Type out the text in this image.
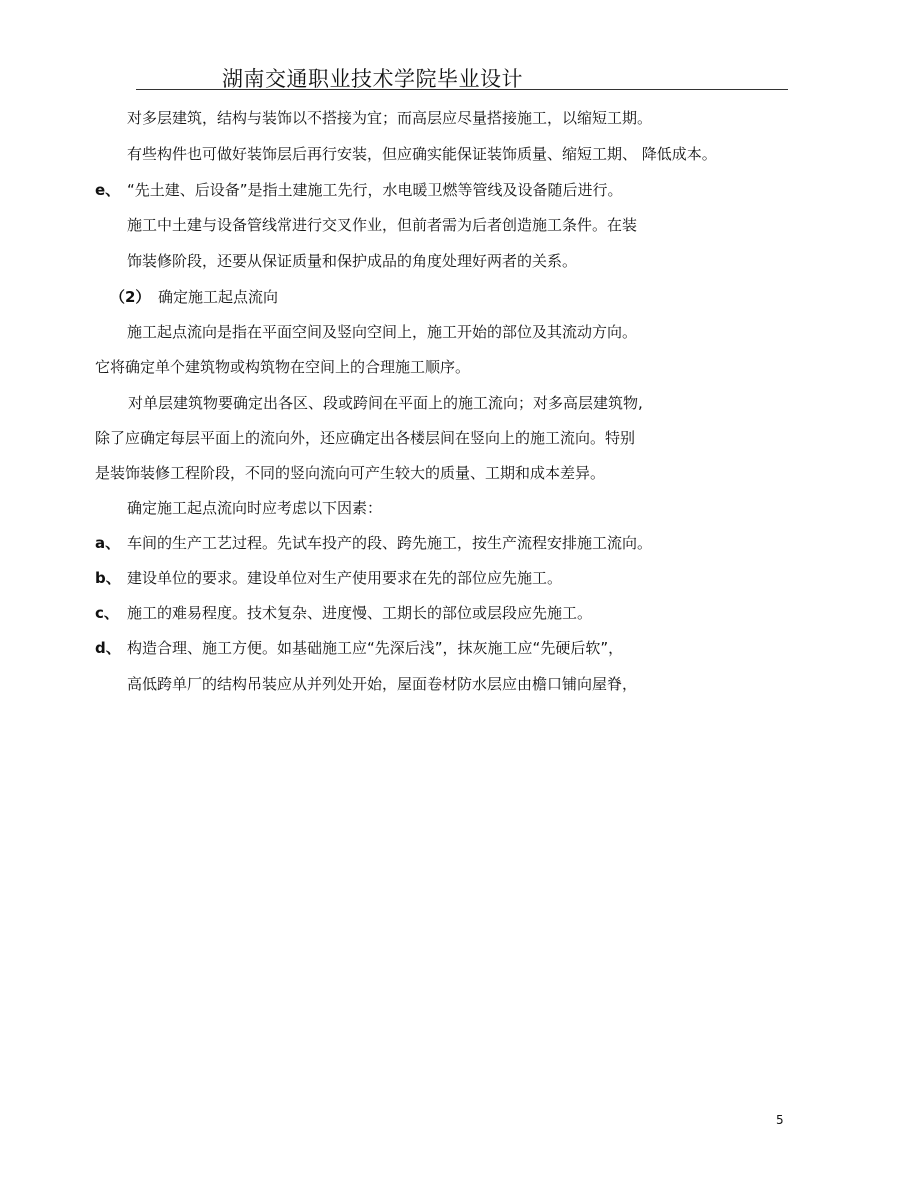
湖南交通职业技术学院毕业设计
对多层建筑，结构与装饰以不搭接为宜；而高层应尽量搭接施工，以缩短工期。
有些构件也可做好装饰层后再行安装，但应确实能保证装饰质量、缩短工期、 降低成本。
e、 “先土建、后设备”是指土建施工先行，水电暖卫燃等管线及设备随后进行。
施工中土建与设备管线常进行交叉作业，但前者需为后者创造施工条件。在装
饰装修阶段，还要从保证质量和保护成品的角度处理好两者的关系。
（2） 确定施工起点流向
施工起点流向是指在平面空间及竖向空间上，施工开始的部位及其流动方向。
它将确定单个建筑物或构筑物在空间上的合理施工顺序。
对单层建筑物要确定出各区、段或跨间在平面上的施工流向；对多高层建筑物,
除了应确定每层平面上的流向外，还应确定出各楼层间在竖向上的施工流向。特别
是装饰装修工程阶段，不同的竖向流向可产生较大的质量、工期和成本差异。
确定施工起点流向时应考虑以下因素：
a、 车间的生产工艺过程。先试车投产的段、跨先施工，按生产流程安排施工流向。
b、 建设单位的要求。建设单位对生产使用要求在先的部位应先施工。
c、 施工的难易程度。技术复杂、进度慢、工期长的部位或层段应先施工。
d、 构造合理、施工方便。如基础施工应“先深后浅”，抹灰施工应“先硬后软”，
高低跨单厂的结构吊装应从并列处开始，屋面卷材防水层应由檐口铺向屋脊，
5
